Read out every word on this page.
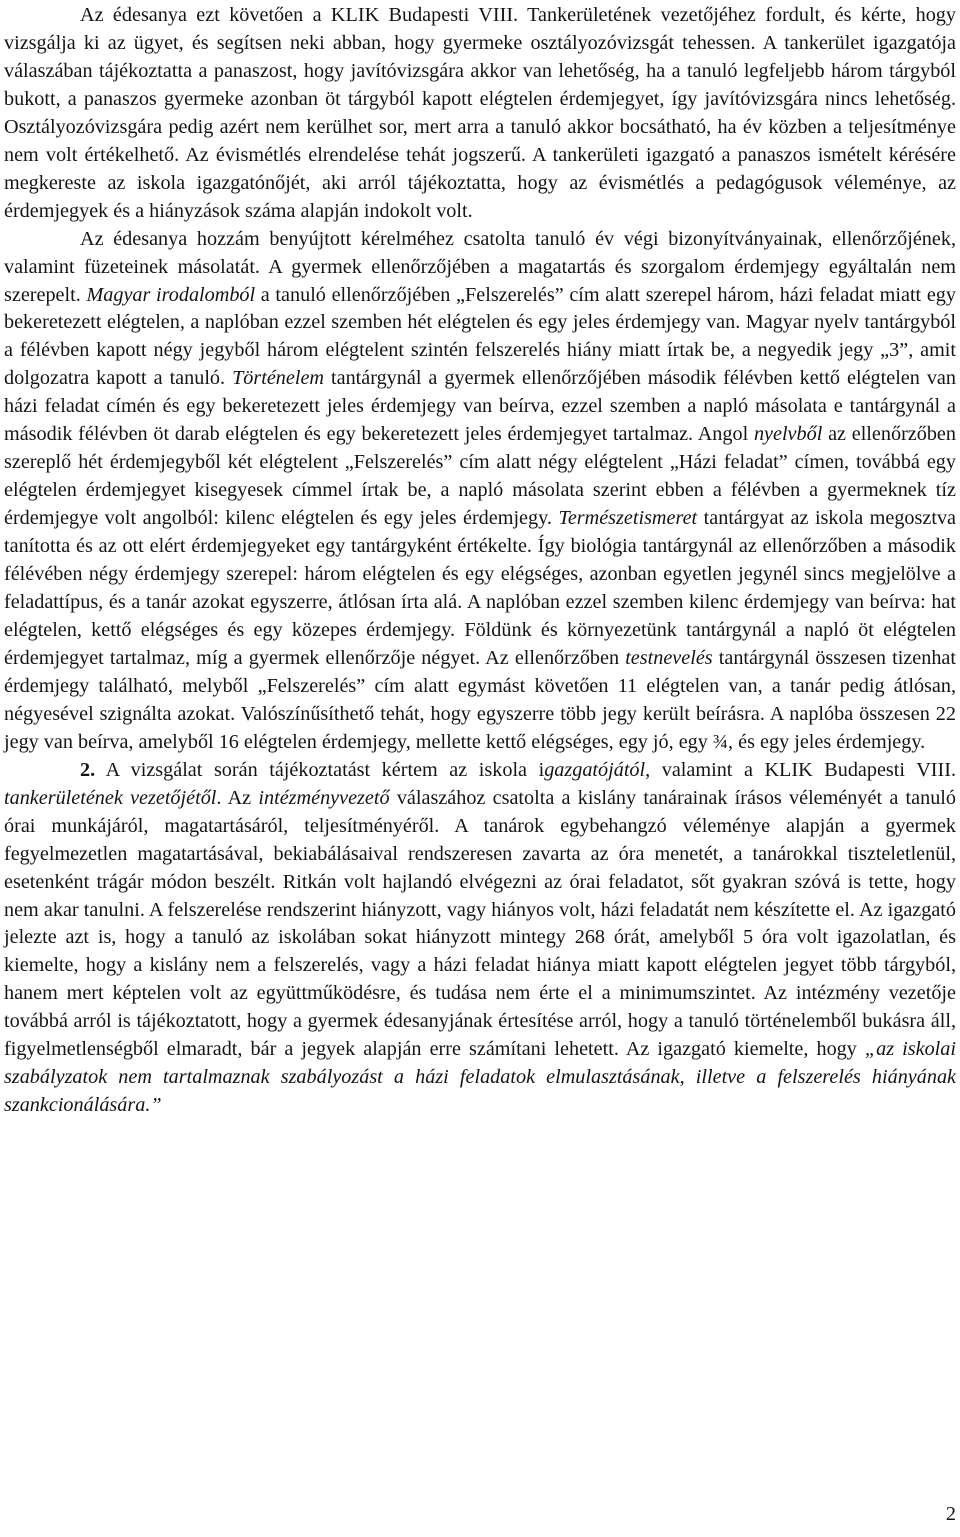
Az édesanya ezt követően a KLIK Budapesti VIII. Tankerületének vezetőjéhez fordult, és kérte, hogy vizsgálja ki az ügyet, és segítsen neki abban, hogy gyermeke osztályozóvizsgát tehessen. A tankerület igazgatója válaszában tájékoztatta a panaszost, hogy javítóvizsgára akkor van lehetőség, ha a tanuló legfeljebb három tárgyból bukott, a panaszos gyermeke azonban öt tárgyból kapott elégtelen érdemjegyet, így javítóvizsgára nincs lehetőség. Osztályozóvizsgára pedig azért nem kerülhet sor, mert arra a tanuló akkor bocsátható, ha év közben a teljesítménye nem volt értékelhető. Az évismétlés elrendelése tehát jogszerű. A tankerületi igazgató a panaszos ismételt kérésére megkereste az iskola igazgatónőjét, aki arról tájékoztatta, hogy az évismétlés a pedagógusok véleménye, az érdemjegyek és a hiányzások száma alapján indokolt volt.

Az édesanya hozzám benyújtott kérelméhez csatolta tanuló év végi bizonyítványainak, ellenőrzőjének, valamint füzeteinek másolatát. A gyermek ellenőrzőjében a magatartás és szorgalom érdemjegy egyáltalán nem szerepelt. Magyar irodalomból a tanuló ellenőrzőjében „Felszerelés” cím alatt szerepel három, házi feladat miatt egy bekeretezett elégtelen, a naplóban ezzel szemben hét elégtelen és egy jeles érdemjegy van. Magyar nyelv tantárgyból a félévben kapott négy jegyből három elégtelent szintén felszerelés hiány miatt írtak be, a negyedik jegy „3”, amit dolgozatra kapott a tanuló. Történelem tantárgynál a gyermek ellenőrzőjében második félévben kettő elégtelen van házi feladat címén és egy bekeretezett jeles érdemjegy van beírva, ezzel szemben a napló másolata e tantárgynál a második félévben öt darab elégtelen és egy bekeretezett jeles érdemjegyet tartalmaz. Angol nyelvből az ellenőrzőben szereplő hét érdemjegyből két elégtelent „Felszerelés” cím alatt négy elégtelent „Házi feladat” címen, továbbá egy elégtelen érdemjegyet kisegyesek címmel írtak be, a napló másolata szerint ebben a félévben a gyermeknek tíz érdemjegye volt angolból: kilenc elégtelen és egy jeles érdemjegy. Természetismeret tantárgyat az iskola megosztva tanította és az ott elért érdemjegyeket egy tantárgyként értékelte. Így biológia tantárgynál az ellenőrzőben a második félévében négy érdemjegy szerepel: három elégtelen és egy elégséges, azonban egyetlen jegynél sincs megjelölve a feladattípus, és a tanár azokat egyszerre, átlósan írta alá. A naplóban ezzel szemben kilenc érdemjegy van beírva: hat elégtelen, kettő elégséges és egy közepes érdemjegy. Földünk és környezetünk tantárgynál a napló öt elégtelen érdemjegyet tartalmaz, míg a gyermek ellenőrzője négyet. Az ellenőrzőben testnevelés tantárgynál összesen tizenhat érdemjegy található, melyből „Felszerelés” cím alatt egymást követően 11 elégtelen van, a tanár pedig átlósan, négyesével szignálta azokat. Valószínűsíthető tehát, hogy egyszerre több jegy került beírásra. A naplóba összesen 22 jegy van beírva, amelyből 16 elégtelen érdemjegy, mellette kettő elégséges, egy jó, egy ¾, és egy jeles érdemjegy.

2. A vizsgálat során tájékoztatást kértem az iskola igazgatójától, valamint a KLIK Budapesti VIII. tankerületének vezetőjétől. Az intézményvezető válaszához csatolta a kislány tanárainak írásos véleményét a tanuló órai munkájáról, magatartásáról, teljesítményéről. A tanárok egybehangzó véleménye alapján a gyermek fegyelmezetlen magatartásával, bekiabálásaival rendszeresen zavarta az óra menetét, a tanárokkal tiszteletlenül, esetenként trágár módon beszélt. Ritkán volt hajlandó elvégezni az órai feladatot, sőt gyakran szóvá is tette, hogy nem akar tanulni. A felszerelése rendszerint hiányzott, vagy hiányos volt, házi feladatát nem készítette el. Az igazgató jelezte azt is, hogy a tanuló az iskolában sokat hiányzott mintegy 268 órát, amelyből 5 óra volt igazolatlan, és kiemelte, hogy a kislány nem a felszerelés, vagy a házi feladat hiánya miatt kapott elégtelen jegyet több tárgyból, hanem mert képtelen volt az együttműködésre, és tudása nem érte el a minimumszintet. Az intézmény vezetője továbbá arról is tájékoztatott, hogy a gyermek édesanyjának értesítése arról, hogy a tanuló történelemből bukásra áll, figyelmetlenségből elmaradt, bár a jegyek alapján erre számítani lehetett. Az igazgató kiemelte, hogy „az iskolai szabályzatok nem tartalmaznak szabályozást a házi feladatok elmulasztásának, illetve a felszerelés hiányának szankcionálására.”

2
